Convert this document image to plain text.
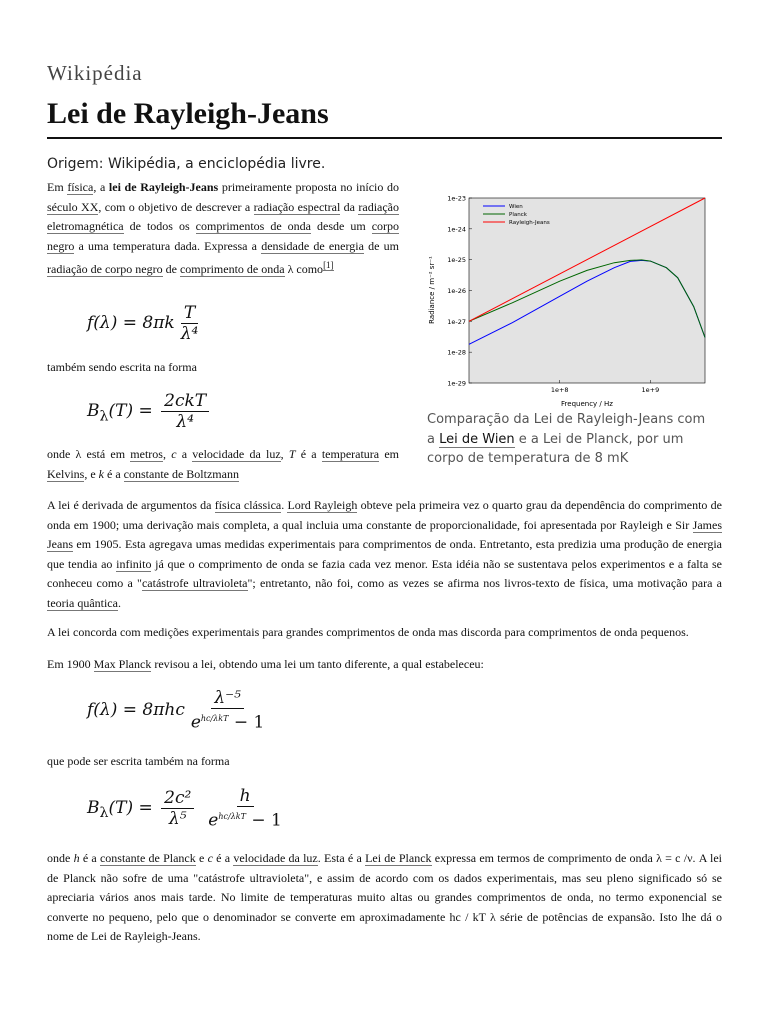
Wikipédia
Lei de Rayleigh-Jeans
Origem: Wikipédia, a enciclopédia livre.

Em física, a lei de Rayleigh-Jeans primeiramente proposta no início do século XX, com o objetivo de descrever a radiação espectral da radiação eletromagnética de todos os comprimentos de onda desde um corpo negro a uma temperatura dada. Expressa a densidade de energia de um radiação de corpo negro de comprimento de onda λ como[1]

$f(\lambda) = 8\pi k \frac{T}{\text{λ⁴}}$

também sendo escrita na forma

$B_\lambda(T) = \frac{\text{2ckT}}{\text{λ⁴}}$

onde λ está em metros, c a velocidade da luz, T é a temperatura em Kelvins, e k é a constante de Boltzmann

1e-23
1e-24
1e-25
1e-26
1e-27
1e-28
1e-29
1e+8	1e+9
Wien
Planck
Rayleigh-Jeans
Frequency / Hz
Radiance / m⁻² sr⁻¹
Comparação da Lei de Rayleigh-Jeans com a Lei de Wien e a Lei de Planck, por um corpo de temperatura de 8 mK

A lei é derivada de argumentos da física clássica. Lord Rayleigh obteve pela primeira vez o quarto grau da dependência do comprimento de onda em 1900; uma derivação mais completa, a qual incluia uma constante de proporcionalidade, foi apresentada por Rayleigh e Sir James Jeans em 1905. Esta agregava umas medidas experimentais para comprimentos de onda. Entretanto, esta predizia uma produção de energia que tendia ao infinito já que o comprimento de onda se fazia cada vez menor. Esta idéia não se sustentava pelos experimentos e a falta se conheceu como a "catástrofe ultravioleta"; entretanto, não foi, como as vezes se afirma nos livros-texto de física, uma motivação para a teoria quântica.

A lei concorda com medições experimentais para grandes comprimentos de onda mas discorda para comprimentos de onda pequenos.

Em 1900 Max Planck revisou a lei, obtendo uma lei um tanto diferente, a qual estabeleceu:

$f(\lambda) = 8\pi hc \frac{\text{λ⁻⁵}}{e^{hc/\lambda kT} - 1}$

que pode ser escrita também na forma

$B_\lambda(T) = \frac{\text{2c²}}{\text{λ⁵}} \frac{h}{e^{hc/\lambda kT} - 1}$

onde h é a constante de Planck e c é a velocidade da luz. Esta é a Lei de Planck expressa em termos de comprimento de onda λ = c /ν. A lei de Planck não sofre de uma "catástrofe ultravioleta", e assim de acordo com os dados experimentais, mas seu pleno significado só se apreciaria vários anos mais tarde. No limite de temperaturas muito altas ou grandes comprimentos de onda, no termo exponencial se converte no pequeno, pelo que o denominador se converte em aproximadamente hc / kT λ série de potências de expansão. Isto lhe dá o nome de Lei de Rayleigh-Jeans.
